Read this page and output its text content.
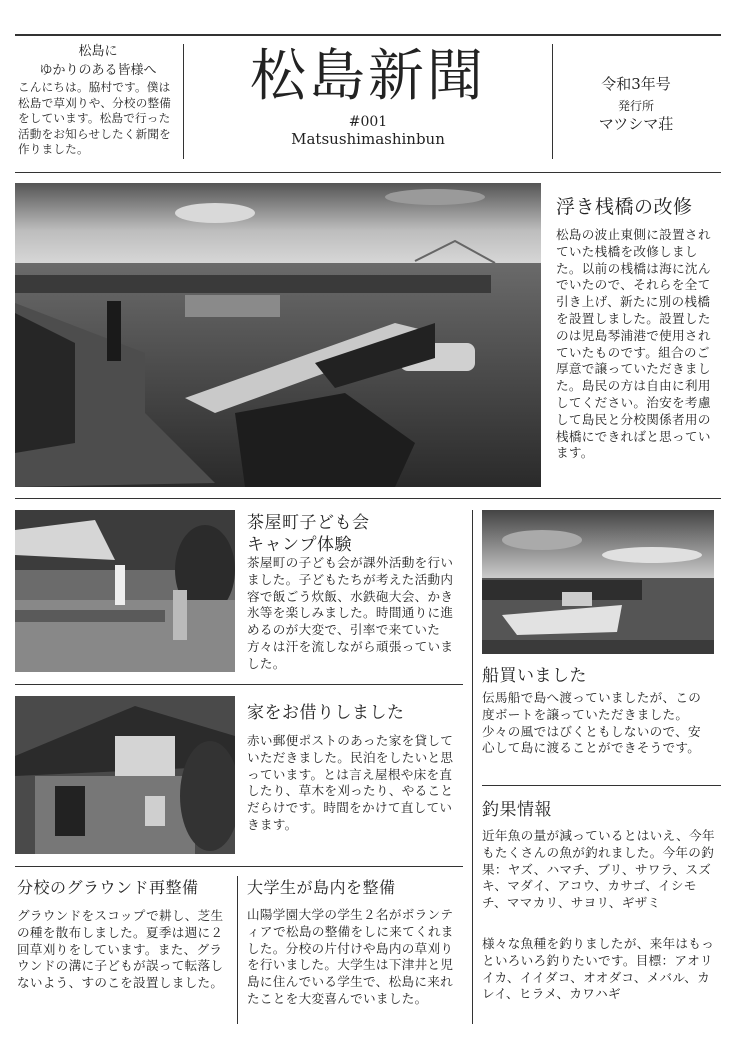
松島に
ゆかりのある皆様へ
こんにちは。脇村です。僕は松島で草刈りや、分校の整備をしています。松島で行った活動をお知らせしたく新聞を作りました。
松島新聞
#001
Matsushimashinbun
令和3年号
発行所
マツシマ荘
浮き桟橋の改修
松島の波止東側に設置されていた桟橋を改修しました。以前の桟橋は海に沈んでいたので、それらを全て引き上げ、新たに別の桟橋を設置しました。設置したのは児島琴浦港で使用されていたものです。組合のご厚意で譲っていただきました。島民の方は自由に利用してください。治安を考慮して島民と分校関係者用の桟橋にできればと思っています。
茶屋町子ども会
キャンプ体験
茶屋町の子ども会が課外活動を行いました。子どもたちが考えた活動内容で飯ごう炊飯、水鉄砲大会、かき氷等を楽しみました。時間通りに進めるのが大変で、引率で来ていた方々は汗を流しながら頑張っていました。
家をお借りしました
赤い郵便ポストのあった家を貸していただきました。民泊をしたいと思っています。とは言え屋根や床を直したり、草木を刈ったり、やることだらけです。時間をかけて直していきます。
分校のグラウンド再整備
グラウンドをスコップで耕し、芝生の種を散布しました。夏季は週に２回草刈りをしています。また、グラウンドの溝に子どもが誤って転落しないよう、すのこを設置しました。
大学生が島内を整備
山陽学園大学の学生２名がボランティアで松島の整備をしに来てくれました。分校の片付けや島内の草刈りを行いました。大学生は下津井と児島に住んでいる学生で、松島に来れたことを大変喜んでいました。
船買いました
伝馬船で島へ渡っていましたが、この度ボートを譲っていただきました。少々の風ではびくともしないので、安心して島に渡ることができそうです。
釣果情報
近年魚の量が減っているとはいえ、今年もたくさんの魚が釣れました。今年の釣果：ヤズ、ハマチ、ブリ、サワラ、スズキ、マダイ、アコウ、カサゴ、イシモチ、ママカリ、サヨリ、ギザミ
様々な魚種を釣りましたが、来年はもっといろいろ釣りたいです。目標：アオリイカ、イイダコ、オオダコ、メバル、カレイ、ヒラメ、カワハギ
